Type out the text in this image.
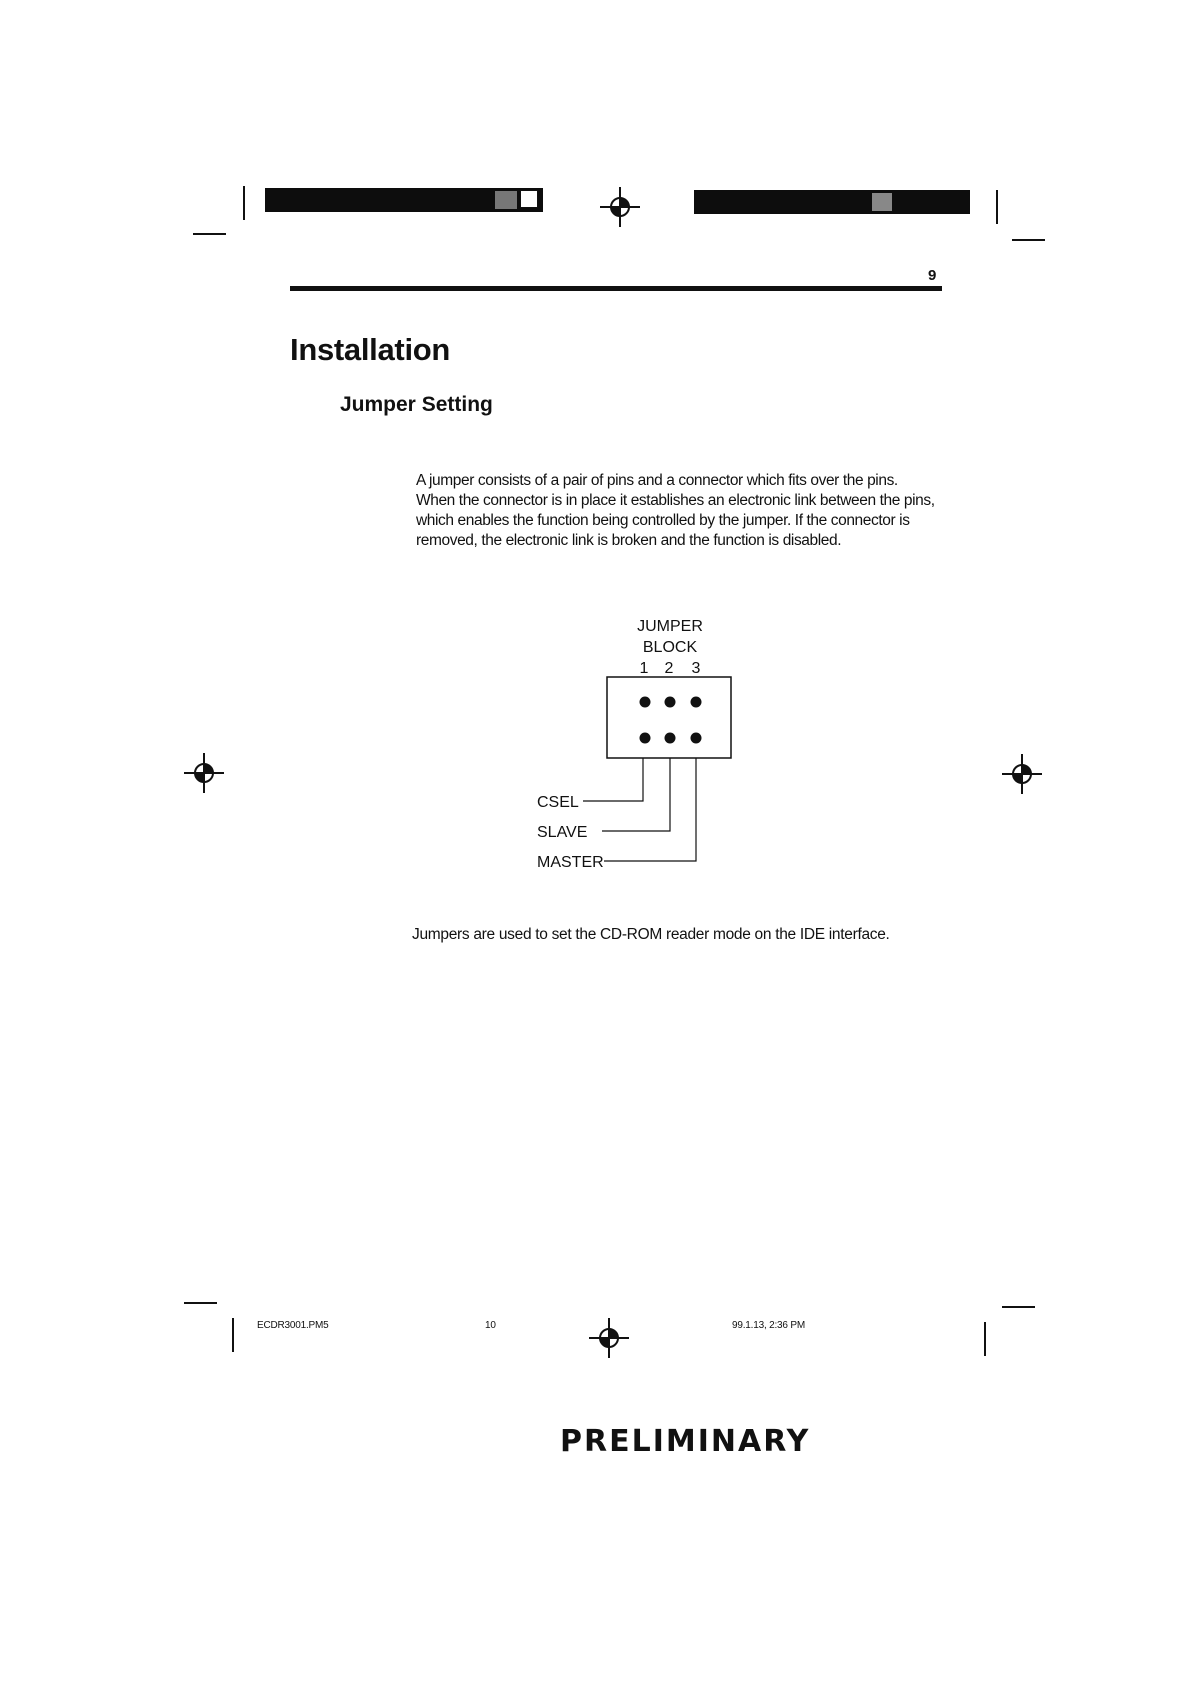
9
Installation
Jumper Setting
A jumper consists of a pair of pins and a connector which fits over the pins. When the connector is in place it establishes an electronic link between the pins, which enables the function being controlled by the jumper. If the connector is removed, the electronic link is broken and the function is disabled.
JUMPER
BLOCK
1 2 3
CSEL
SLAVE
MASTER
Jumpers are used to set the CD-ROM reader mode on the IDE interface.
ECDR3001.PM5	10	99.1.13, 2:36 PM
PRELIMINARY
